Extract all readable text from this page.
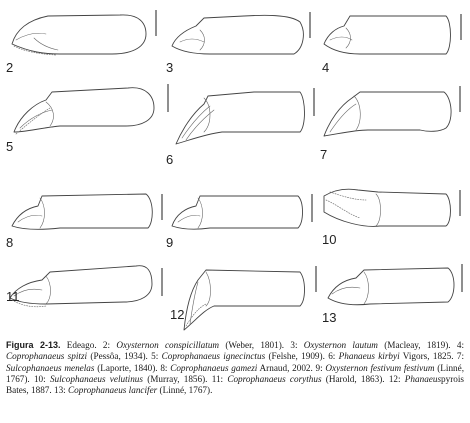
2	3	4
5
6	7
8	9	10
11
12	13
Figura 2-13. Edeago. 2: Oxysternon conspicillatum (Weber, 1801). 3: Oxysternon lautum (Macleay, 1819). 4: Coprophanaeus spitzi (Pessôa, 1934). 5: Coprophanaeus ignecinctus (Felshe, 1909). 6: Phanaeus kirbyi Vigors, 1825. 7: Sulcophanaeus menelas (Laporte, 1840). 8: Coprophanaeus gamezi Arnaud, 2002. 9: Oxysternon festivum festivum (Linné, 1767). 10: Sulcophanaeus velutinus (Murray, 1856). 11: Coprophanaeus corythus (Harold, 1863). 12: Phanaeuspyrois Bates, 1887. 13: Coprophanaeus lancifer (Linné, 1767).
